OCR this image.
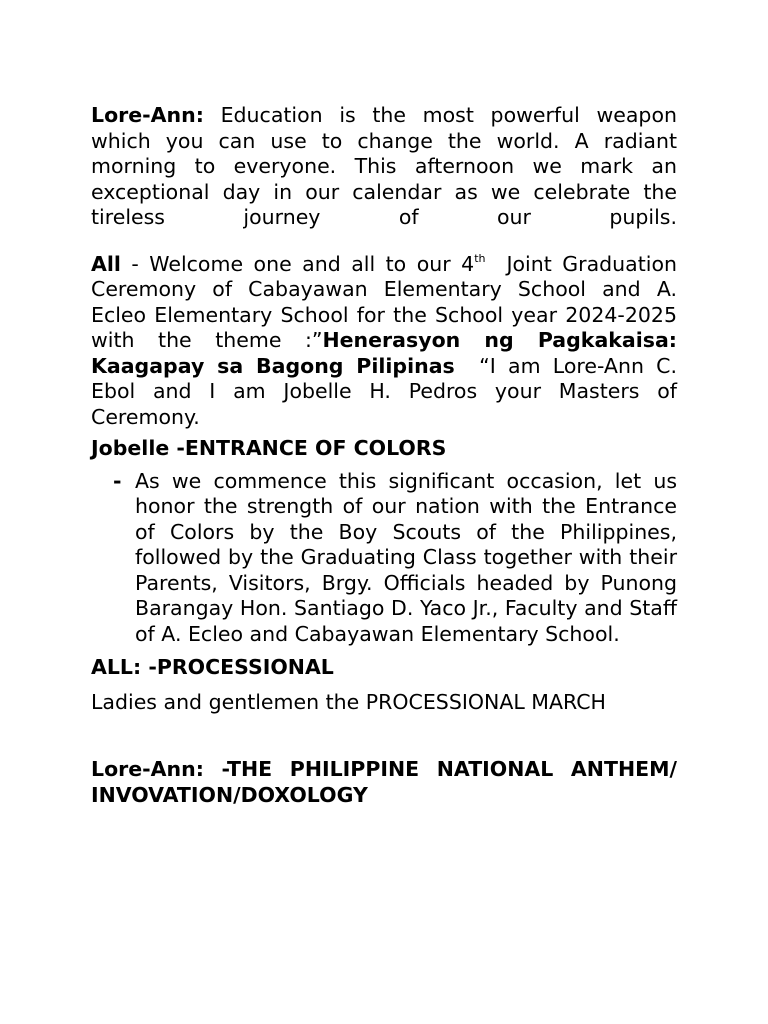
Lore-Ann: Education is the most powerful weapon which you can use to change the world. A radiant morning to everyone. This afternoon we mark an exceptional day in our calendar as we celebrate the tireless journey of our pupils.

All - Welcome one and all to our 4th Joint Graduation Ceremony of Cabayawan Elementary School and A. Ecleo Elementary School for the School year 2024-2025 with the theme :”Henerasyon ng Pagkakaisa: Kaagapay sa Bagong Pilipinas “I am Lore-Ann C. Ebol and I am Jobelle H. Pedros your Masters of Ceremony.

Jobelle -ENTRANCE OF COLORS

- As we commence this significant occasion, let us honor the strength of our nation with the Entrance of Colors by the Boy Scouts of the Philippines, followed by the Graduating Class together with their Parents, Visitors, Brgy. Officials headed by Punong Barangay Hon. Santiago D. Yaco Jr., Faculty and Staff of A. Ecleo and Cabayawan Elementary School.

ALL: -PROCESSIONAL

Ladies and gentlemen the PROCESSIONAL MARCH

Lore-Ann: -THE PHILIPPINE NATIONAL ANTHEM/ INVOVATION/DOXOLOGY
